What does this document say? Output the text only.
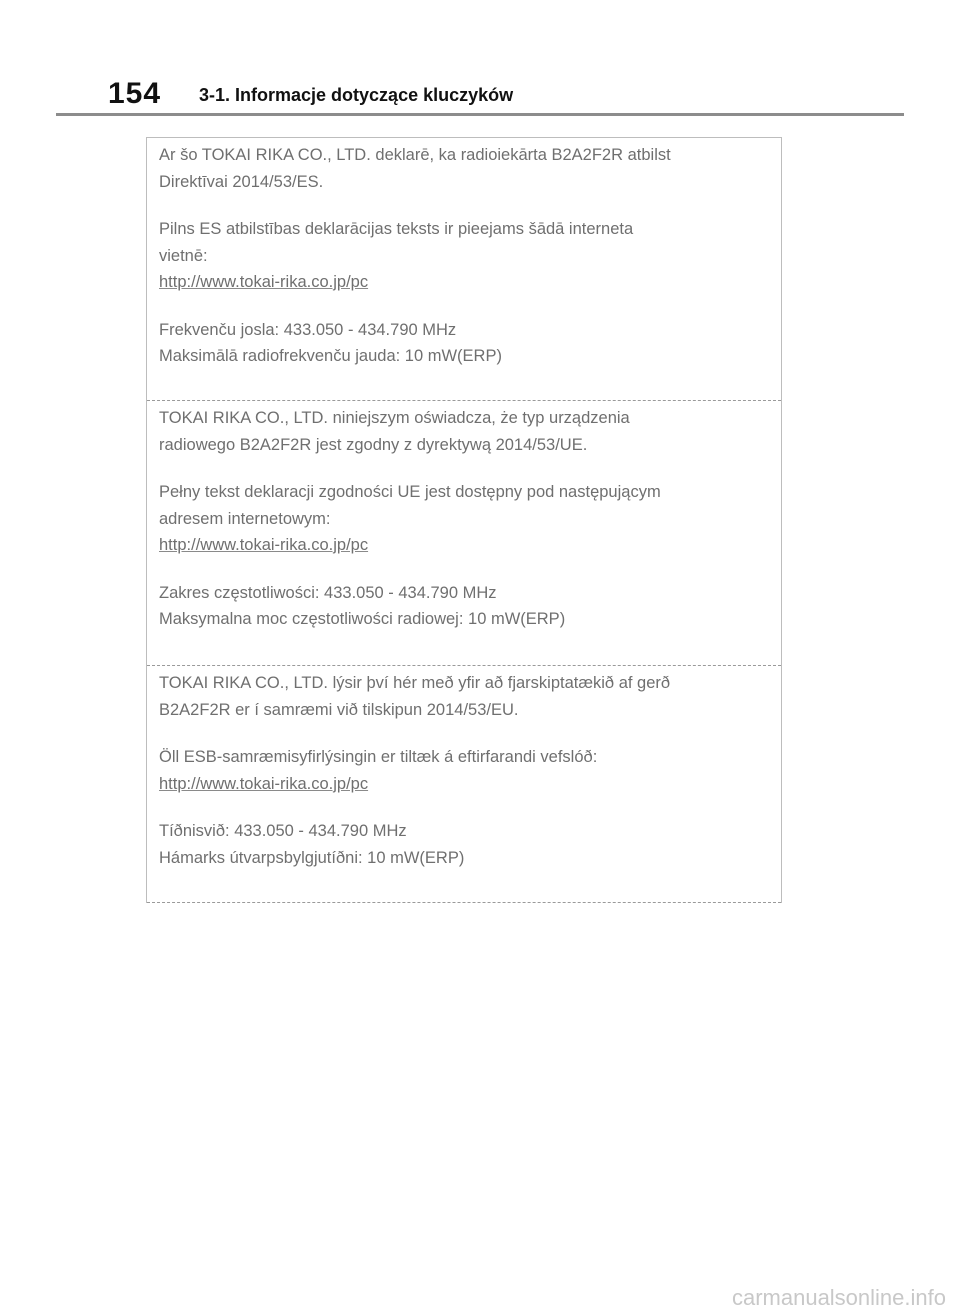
154 3-1. Informacje dotyczące kluczyków
Ar šo TOKAI RIKA CO., LTD. deklarē, ka radioiekārta B2A2F2R atbilst
Direktīvai 2014/53/ES.
Pilns ES atbilstības deklarācijas teksts ir pieejams šādā interneta
vietnē:
http://www.tokai-rika.co.jp/pc
Frekvenču josla: 433.050 - 434.790 MHz
Maksimālā radiofrekvenču jauda: 10 mW(ERP)
TOKAI RIKA CO., LTD. niniejszym oświadcza, że typ urządzenia
radiowego B2A2F2R jest zgodny z dyrektywą 2014/53/UE.
Pełny tekst deklaracji zgodności UE jest dostępny pod następującym
adresem internetowym:
http://www.tokai-rika.co.jp/pc
Zakres częstotliwości: 433.050 - 434.790 MHz
Maksymalna moc częstotliwości radiowej: 10 mW(ERP)
TOKAI RIKA CO., LTD. lýsir því hér með yfir að fjarskiptatækið af gerð
B2A2F2R er í samræmi við tilskipun 2014/53/EU.
Öll ESB-samræmisyfirlýsingin er tiltæk á eftirfarandi vefslóð:
http://www.tokai-rika.co.jp/pc
Tíðnisvið: 433.050 - 434.790 MHz
Hámarks útvarpsbylgjutíðni: 10 mW(ERP)
carmanualsonline.info
